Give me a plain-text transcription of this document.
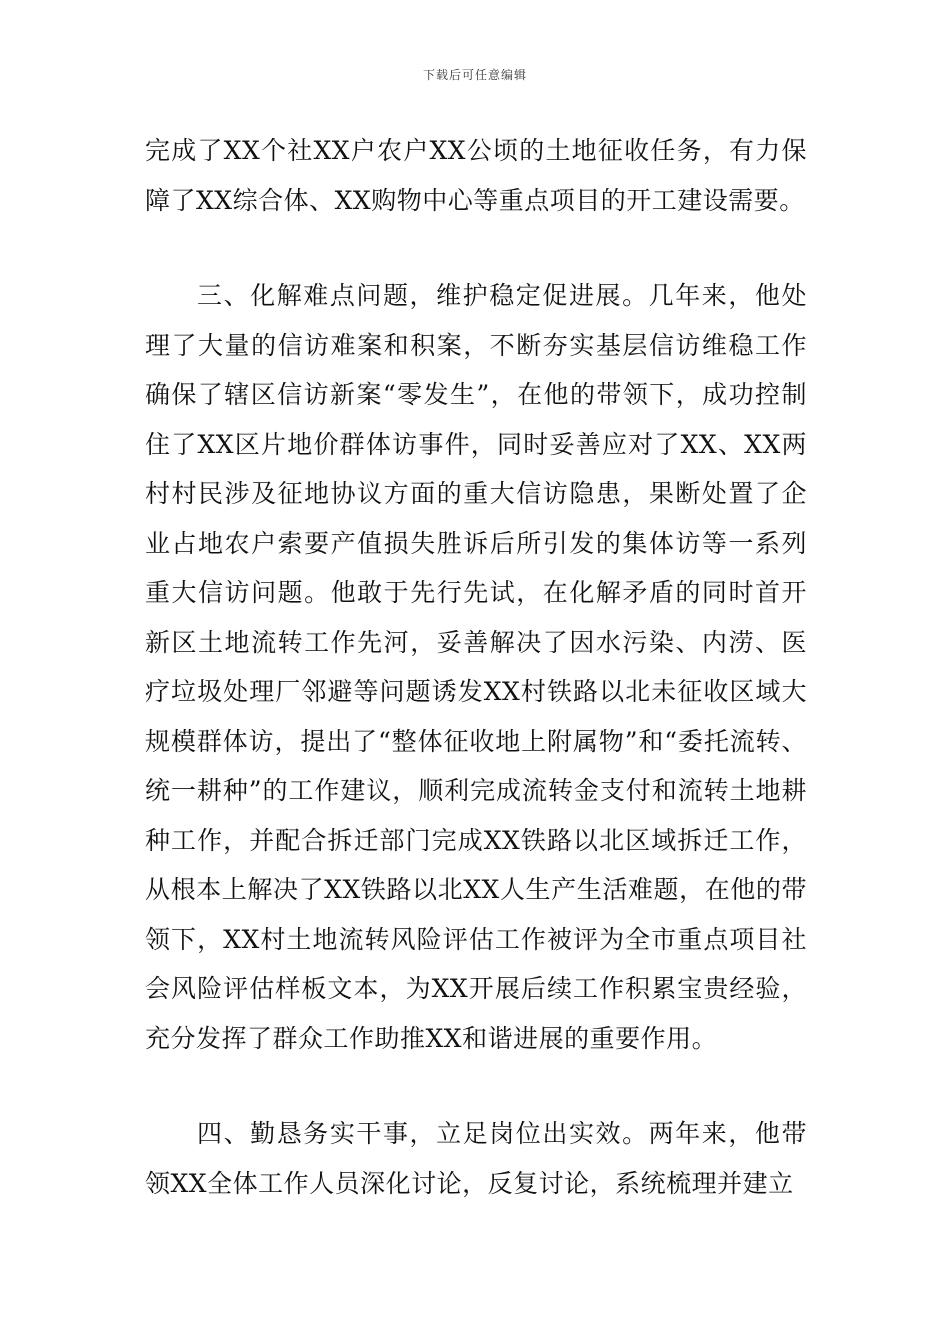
下载后可任意编辑

完成了XX个社XX户农户XX公顷的土地征收任务，有力保障了XX综合体、XX购物中心等重点项目的开工建设需要。

三、化解难点问题，维护稳定促进展。几年来，他处理了大量的信访难案和积案，不断夯实基层信访维稳工作确保了辖区信访新案“零发生”，在他的带领下，成功控制住了XX区片地价群体访事件，同时妥善应对了XX、XX两村村民涉及征地协议方面的重大信访隐患，果断处置了企业占地农户索要产值损失胜诉后所引发的集体访等一系列重大信访问题。他敢于先行先试，在化解矛盾的同时首开新区土地流转工作先河，妥善解决了因水污染、内涝、医疗垃圾处理厂邻避等问题诱发XX村铁路以北未征收区域大规模群体访，提出了“整体征收地上附属物”和“委托流转、统一耕种”的工作建议，顺利完成流转金支付和流转土地耕种工作，并配合拆迁部门完成XX铁路以北区域拆迁工作，从根本上解决了XX铁路以北XX人生产生活难题，在他的带领下，XX村土地流转风险评估工作被评为全市重点项目社会风险评估样板文本，为XX开展后续工作积累宝贵经验，充分发挥了群众工作助推XX和谐进展的重要作用。

四、勤恳务实干事，立足岗位出实效。两年来，他带领XX全体工作人员深化讨论，反复讨论，系统梳理并建立
